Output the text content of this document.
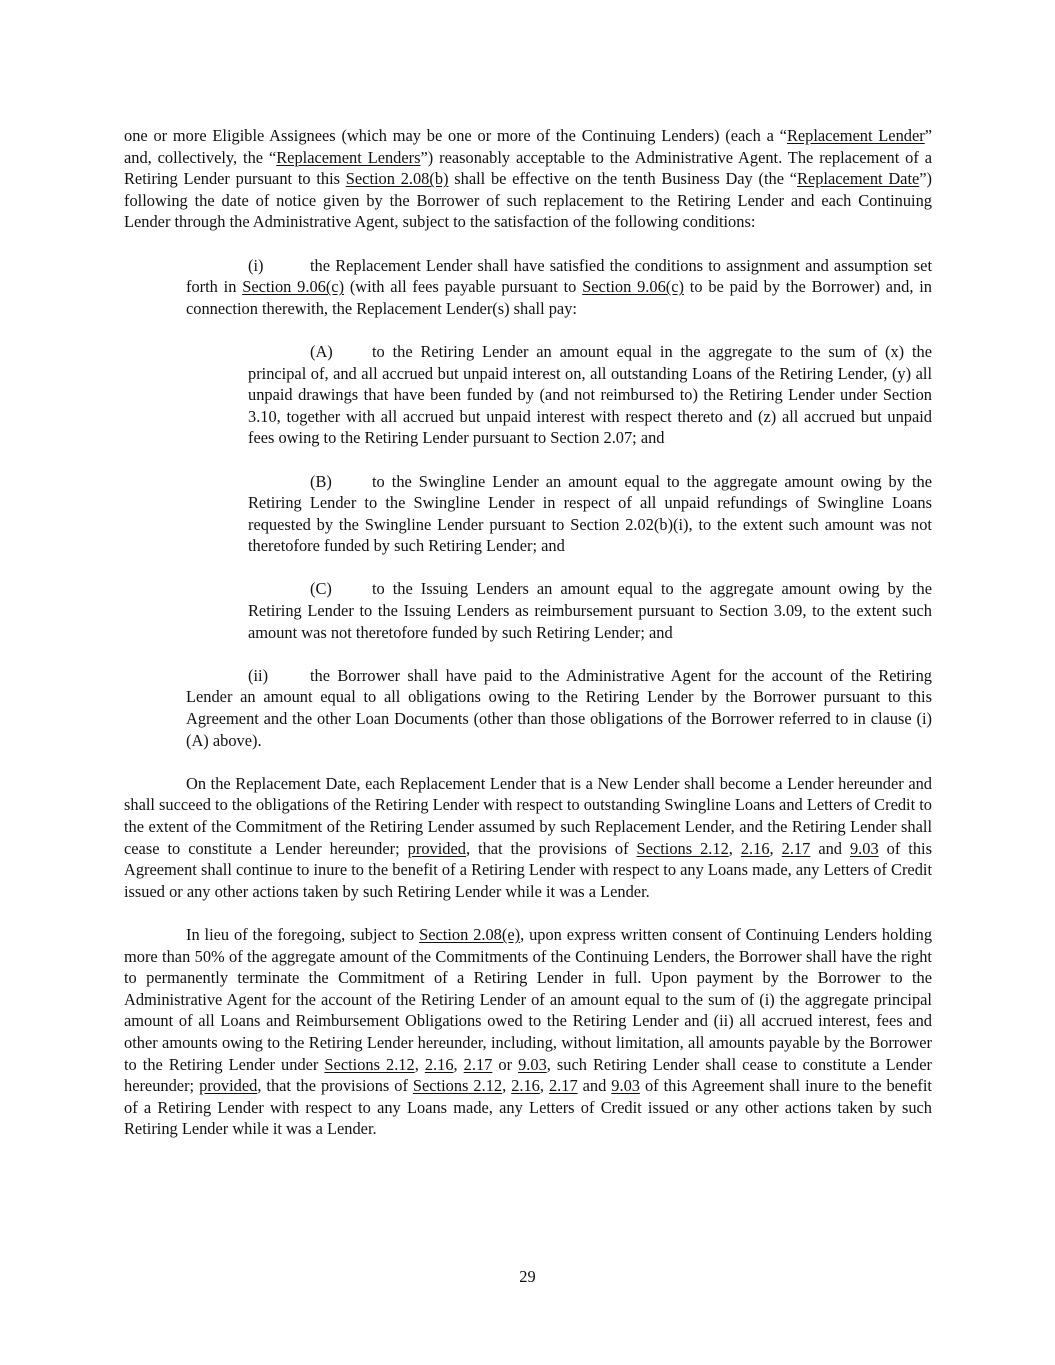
one or more Eligible Assignees (which may be one or more of the Continuing Lenders) (each a “Replacement Lender” and, collectively, the “Replacement Lenders”) reasonably acceptable to the Administrative Agent. The replacement of a Retiring Lender pursuant to this Section 2.08(b) shall be effective on the tenth Business Day (the “Replacement Date”) following the date of notice given by the Borrower of such replacement to the Retiring Lender and each Continuing Lender through the Administrative Agent, subject to the satisfaction of the following conditions:

(i)	the Replacement Lender shall have satisfied the conditions to assignment and assumption set forth in Section 9.06(c) (with all fees payable pursuant to Section 9.06(c) to be paid by the Borrower) and, in connection therewith, the Replacement Lender(s) shall pay:

(A) to the Retiring Lender an amount equal in the aggregate to the sum of (x) the principal of, and all accrued but unpaid interest on, all outstanding Loans of the Retiring Lender, (y) all unpaid drawings that have been funded by (and not reimbursed to) the Retiring Lender under Section 3.10, together with all accrued but unpaid interest with respect thereto and (z) all accrued but unpaid fees owing to the Retiring Lender pursuant to Section 2.07; and

(B) to the Swingline Lender an amount equal to the aggregate amount owing by the Retiring Lender to the Swingline Lender in respect of all unpaid refundings of Swingline Loans requested by the Swingline Lender pursuant to Section 2.02(b)(i), to the extent such amount was not theretofore funded by such Retiring Lender; and

(C) to the Issuing Lenders an amount equal to the aggregate amount owing by the Retiring Lender to the Issuing Lenders as reimbursement pursuant to Section 3.09, to the extent such amount was not theretofore funded by such Retiring Lender; and

(ii)	the Borrower shall have paid to the Administrative Agent for the account of the Retiring Lender an amount equal to all obligations owing to the Retiring Lender by the Borrower pursuant to this Agreement and the other Loan Documents (other than those obligations of the Borrower referred to in clause (i)(A) above).

On the Replacement Date, each Replacement Lender that is a New Lender shall become a Lender hereunder and shall succeed to the obligations of the Retiring Lender with respect to outstanding Swingline Loans and Letters of Credit to the extent of the Commitment of the Retiring Lender assumed by such Replacement Lender, and the Retiring Lender shall cease to constitute a Lender hereunder; provided, that the provisions of Sections 2.12, 2.16, 2.17 and 9.03 of this Agreement shall continue to inure to the benefit of a Retiring Lender with respect to any Loans made, any Letters of Credit issued or any other actions taken by such Retiring Lender while it was a Lender.

In lieu of the foregoing, subject to Section 2.08(e), upon express written consent of Continuing Lenders holding more than 50% of the aggregate amount of the Commitments of the Continuing Lenders, the Borrower shall have the right to permanently terminate the Commitment of a Retiring Lender in full. Upon payment by the Borrower to the Administrative Agent for the account of the Retiring Lender of an amount equal to the sum of (i) the aggregate principal amount of all Loans and Reimbursement Obligations owed to the Retiring Lender and (ii) all accrued interest, fees and other amounts owing to the Retiring Lender hereunder, including, without limitation, all amounts payable by the Borrower to the Retiring Lender under Sections 2.12, 2.16, 2.17 or 9.03, such Retiring Lender shall cease to constitute a Lender hereunder; provided, that the provisions of Sections 2.12, 2.16, 2.17 and 9.03 of this Agreement shall inure to the benefit of a Retiring Lender with respect to any Loans made, any Letters of Credit issued or any other actions taken by such Retiring Lender while it was a Lender.

29
